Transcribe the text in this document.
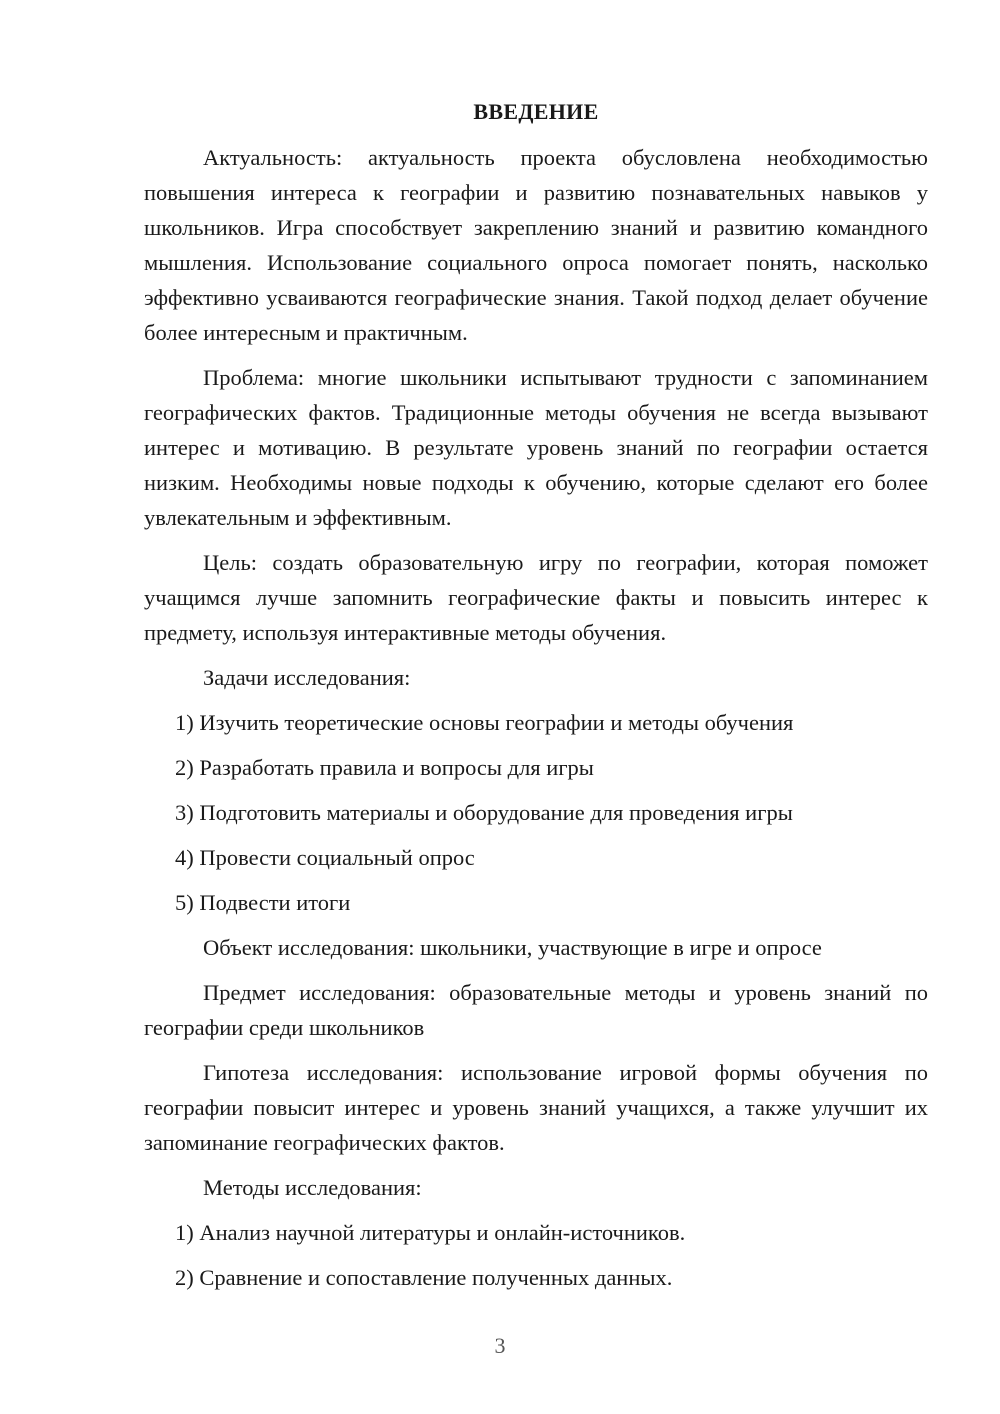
ВВЕДЕНИЕ

Актуальность: актуальность проекта обусловлена необходимостью повышения интереса к географии и развитию познавательных навыков у школьников. Игра способствует закреплению знаний и развитию командного мышления. Использование социального опроса помогает понять, насколько эффективно усваиваются географические знания. Такой подход делает обучение более интересным и практичным.

Проблема: многие школьники испытывают трудности с запоминанием географических фактов. Традиционные методы обучения не всегда вызывают интерес и мотивацию. В результате уровень знаний по географии остается низким. Необходимы новые подходы к обучению, которые сделают его более увлекательным и эффективным.

Цель: создать образовательную игру по географии, которая поможет учащимся лучше запомнить географические факты и повысить интерес к предмету, используя интерактивные методы обучения.

Задачи исследования:

1) Изучить теоретические основы географии и методы обучения

2) Разработать правила и вопросы для игры

3) Подготовить материалы и оборудование для проведения игры

4) Провести социальный опрос

5) Подвести итоги

Объект исследования: школьники, участвующие в игре и опросе

Предмет исследования: образовательные методы и уровень знаний по географии среди школьников

Гипотеза исследования: использование игровой формы обучения по географии повысит интерес и уровень знаний учащихся, а также улучшит их запоминание географических фактов.

Методы исследования:

1) Анализ научной литературы и онлайн-источников.

2) Сравнение и сопоставление полученных данных.

3
